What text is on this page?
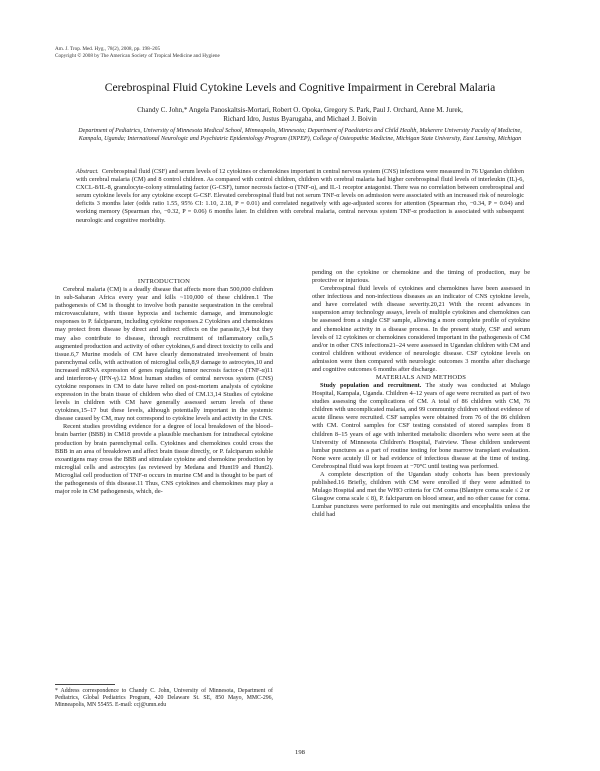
Am. J. Trop. Med. Hyg., 78(2), 2008, pp. 198–205
Copyright © 2008 by The American Society of Tropical Medicine and Hygiene
Cerebrospinal Fluid Cytokine Levels and Cognitive Impairment in Cerebral Malaria
Chandy C. John,* Angela Panoskaltsis-Mortari, Robert O. Opoka, Gregory S. Park, Paul J. Orchard, Anne M. Jurek,
Richard Idro, Justus Byarugaba, and Michael J. Boivin
Department of Pediatrics, University of Minnesota Medical School, Minneapolis, Minnesota; Department of Paediatrics and Child Health, Makerere University Faculty of Medicine, Kampala, Uganda; International Neurologic and Psychiatric Epidemiology Program (INPEP), College of Osteopathic Medicine, Michigan State University, East Lansing, Michigan

Abstract. Cerebrospinal fluid (CSF) and serum levels of 12 cytokines or chemokines important in central nervous system (CNS) infections were measured in 76 Ugandan children with cerebral malaria (CM) and 8 control children. As compared with control children, children with cerebral malaria had higher cerebrospinal fluid levels of interleukin (IL)-6, CXCL-8/IL-8, granulocyte-colony stimulating factor (G-CSF), tumor necrosis factor-α (TNF-α), and IL-1 receptor antagonist. There was no correlation between cerebrospinal and serum cytokine levels for any cytokine except G-CSF. Elevated cerebrospinal fluid but not serum TNF-α levels on admission were associated with an increased risk of neurologic deficits 3 months later (odds ratio 1.55, 95% CI: 1.10, 2.18, P = 0.01) and correlated negatively with age-adjusted scores for attention (Spearman rho, −0.34, P = 0.04) and working memory (Spearman rho, −0.32, P = 0.06) 6 months later. In children with cerebral malaria, central nervous system TNF-α production is associated with subsequent neurologic and cognitive morbidity.

INTRODUCTION

Cerebral malaria (CM) is a deadly disease that affects more than 500,000 children in sub-Saharan Africa every year and kills ~110,000 of these children.1 The pathogenesis of CM is thought to involve both parasite sequestration in the cerebral microvasculature, with tissue hypoxia and ischemic damage, and immunologic responses to P. falciparum, including cytokine responses.2 Cytokines and chemokines may protect from disease by direct and indirect effects on the parasite,3,4 but they may also contribute to disease, through recruitment of inflammatory cells,5 augmented production and activity of other cytokines,6 and direct toxicity to cells and tissue.6,7 Murine models of CM have clearly demonstrated involvement of brain parenchymal cells, with activation of microglial cells,8,9 damage to astrocytes,10 and increased mRNA expression of genes regulating tumor necrosis factor-α (TNF-α)11 and interferon-γ (IFN-γ).12 Most human studies of central nervous system (CNS) cytokine responses in CM to date have relied on post-mortem analysis of cytokine expression in the brain tissue of children who died of CM.13,14 Studies of cytokine levels in children with CM have generally assessed serum levels of these cytokines,15–17 but these levels, although potentially important in the systemic disease caused by CM, may not correspond to cytokine levels and activity in the CNS.

Recent studies providing evidence for a degree of local breakdown of the blood–brain barrier (BBB) in CM18 provide a plausible mechanism for intrathecal cytokine production by brain parenchymal cells. Cytokines and chemokines could cross the BBB in an area of breakdown and affect brain tissue directly, or P. falciparum soluble exoantigens may cross the BBB and stimulate cytokine and chemokine production by microglial cells and astrocytes (as reviewed by Medana and Hunt19 and Hunt2). Microglial cell production of TNF-α occurs in murine CM and is thought to be part of the pathogenesis of this disease.11 Thus, CNS cytokines and chemokines may play a major role in CM pathogenesis, which, de-

pending on the cytokine or chemokine and the timing of production, may be protective or injurious.

Cerebrospinal fluid levels of cytokines and chemokines have been assessed in other infectious and non-infectious diseases as an indicator of CNS cytokine levels, and have correlated with disease severity.20,21 With the recent advances in suspension array technology assays, levels of multiple cytokines and chemokines can be assessed from a single CSF sample, allowing a more complete profile of cytokine and chemokine activity in a disease process. In the present study, CSF and serum levels of 12 cytokines or chemokines considered important in the pathogenesis of CM and/or in other CNS infections21–24 were assessed in Ugandan children with CM and control children without evidence of neurologic disease. CSF cytokine levels on admission were then compared with neurologic outcomes 3 months after discharge and cognitive outcomes 6 months after discharge.

MATERIALS AND METHODS

Study population and recruitment. The study was conducted at Mulago Hospital, Kampala, Uganda. Children 4–12 years of age were recruited as part of two studies assessing the complications of CM. A total of 86 children with CM, 76 children with uncomplicated malaria, and 99 community children without evidence of acute illness were recruited. CSF samples were obtained from 76 of the 86 children with CM. Control samples for CSF testing consisted of stored samples from 8 children 8–15 years of age with inherited metabolic disorders who were seen at the University of Minnesota Children's Hospital, Fairview. These children underwent lumbar punctures as a part of routine testing for bone marrow transplant evaluation. None were acutely ill or had evidence of infectious disease at the time of testing. Cerebrospinal fluid was kept frozen at −70°C until testing was performed.

A complete description of the Ugandan study cohorts has been previously published.16 Briefly, children with CM were enrolled if they were admitted to Mulago Hospital and met the WHO criteria for CM coma (Blantyre coma scale ≤ 2 or Glasgow coma scale ≤ 8), P. falciparum on blood smear, and no other cause for coma. Lumbar punctures were performed to rule out meningitis and encephalitis unless the child had

* Address correspondence to Chandy C. John, University of Minnesota, Department of Pediatrics, Global Pediatrics Program, 420 Delaware St. SE, 850 Mayo, MMC-296, Minneapolis, MN 55455. E-mail: ccj@umn.edu
198
